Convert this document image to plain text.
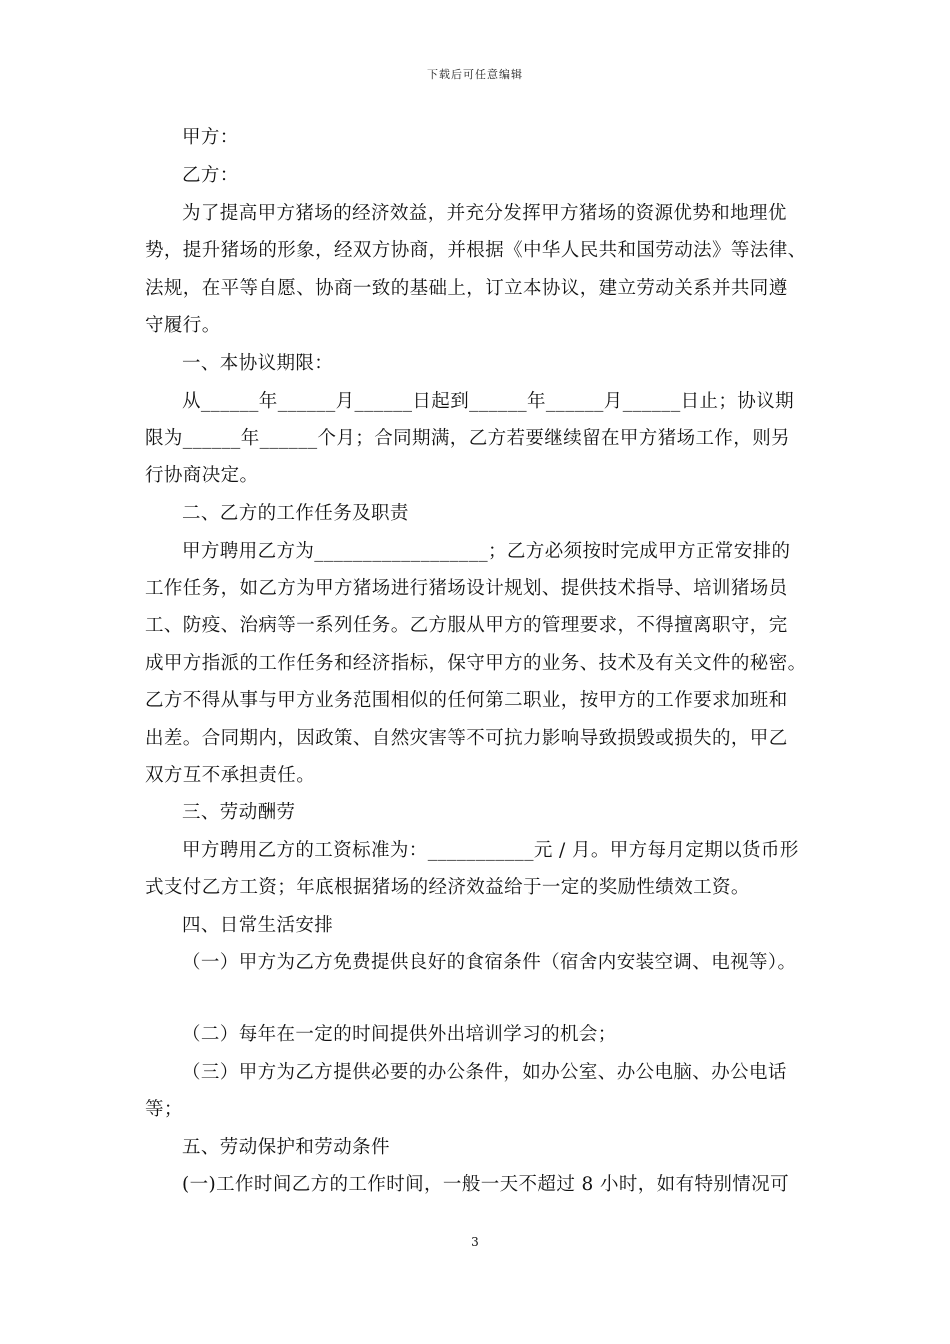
下载后可任意编辑
甲方：
乙方：
为了提高甲方猪场的经济效益，并充分发挥甲方猪场的资源优势和地理优
势，提升猪场的形象，经双方协商，并根据《中华人民共和国劳动法》等法律、
法规，在平等自愿、协商一致的基础上，订立本协议，建立劳动关系并共同遵
守履行。
一、本协议期限：
从______年______月______日起到______年______月______日止；协议期
限为______年______个月；合同期满，乙方若要继续留在甲方猪场工作，则另
行协商决定。
二、乙方的工作任务及职责
甲方聘用乙方为__________________；乙方必须按时完成甲方正常安排的
工作任务，如乙方为甲方猪场进行猪场设计规划、提供技术指导、培训猪场员
工、防疫、治病等一系列任务。乙方服从甲方的管理要求，不得擅离职守，完
成甲方指派的工作任务和经济指标，保守甲方的业务、技术及有关文件的秘密。
乙方不得从事与甲方业务范围相似的任何第二职业，按甲方的工作要求加班和
出差。合同期内，因政策、自然灾害等不可抗力影响导致损毁或损失的，甲乙
双方互不承担责任。
三、劳动酬劳
甲方聘用乙方的工资标准为：___________元 / 月。甲方每月定期以货币形
式支付乙方工资；年底根据猪场的经济效益给于一定的奖励性绩效工资。
四、日常生活安排
（一）甲方为乙方免费提供良好的食宿条件（宿舍内安装空调、电视等）。
（二）每年在一定的时间提供外出培训学习的机会；
（三）甲方为乙方提供必要的办公条件，如办公室、办公电脑、办公电话
等；
五、劳动保护和劳动条件
(一)工作时间乙方的工作时间，一般一天不超过 8 小时，如有特别情况可
3
